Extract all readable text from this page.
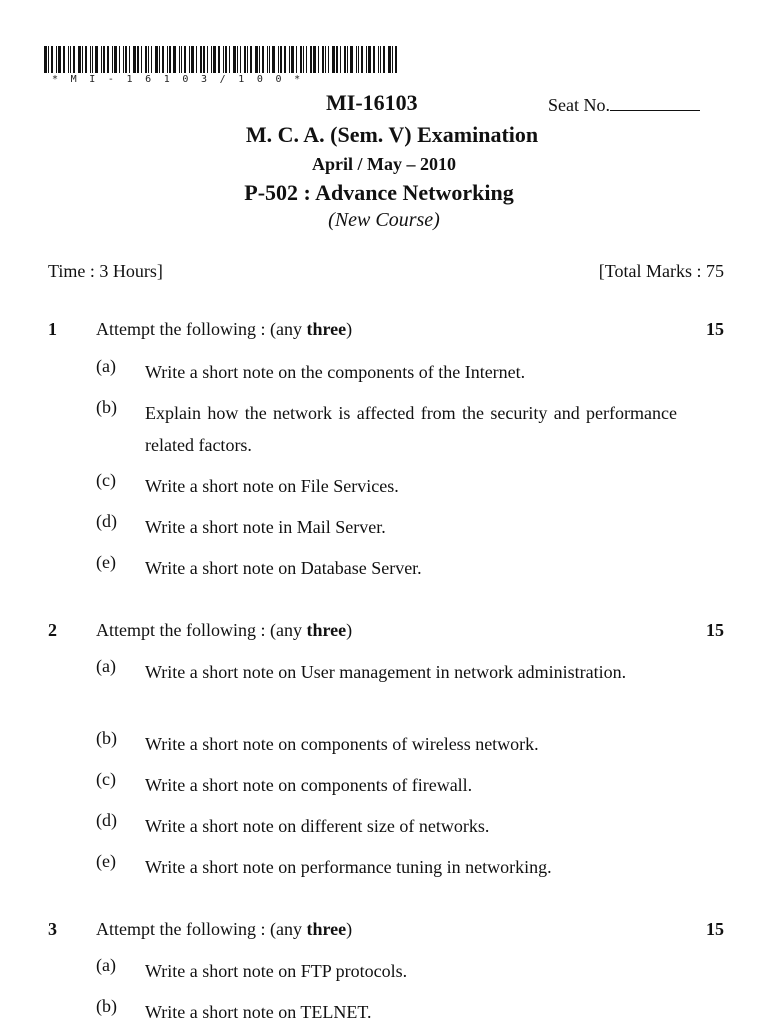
*MI-16103/100*
MI-16103	Seat No.
M. C. A. (Sem. V) Examination
April / May – 2010
P-502 : Advance Networking
(New Course)
Time : 3 Hours]	[Total Marks : 75
1 Attempt the following : (any three)	15
(a) Write a short note on the components of the Internet.
(b) Explain how the network is affected from the security and performance related factors.
(c) Write a short note on File Services.
(d) Write a short note in Mail Server.
(e) Write a short note on Database Server.
2 Attempt the following : (any three)	15
(a) Write a short note on User management in network administration.
(b) Write a short note on components of wireless network.
(c) Write a short note on components of firewall.
(d) Write a short note on different size of networks.
(e) Write a short note on performance tuning in networking.
3 Attempt the following : (any three)	15
(a) Write a short note on FTP protocols.
(b) Write a short note on TELNET.
